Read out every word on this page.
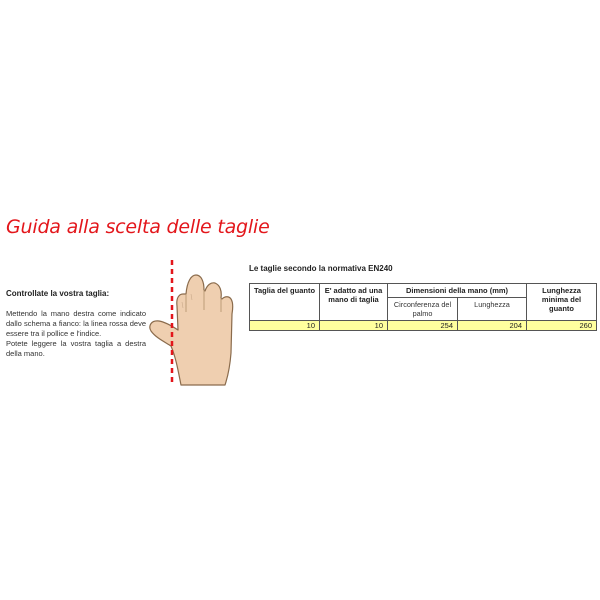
Guida alla scelta delle taglie
Controllate la vostra taglia:

Mettendo la mano destra come indicato dallo schema a fianco: la linea rossa deve essere tra il pollice e l'indice.

Potete leggere la vostra taglia a destra della mano.

Le taglie secondo la normativa EN240
Taglia del guanto	E' adatto ad una mano di taglia	Dimensioni della mano (mm)		Lunghezza minima del guanto
		Circonferenza del palmo	Lunghezza	
10	10	254	204	260
